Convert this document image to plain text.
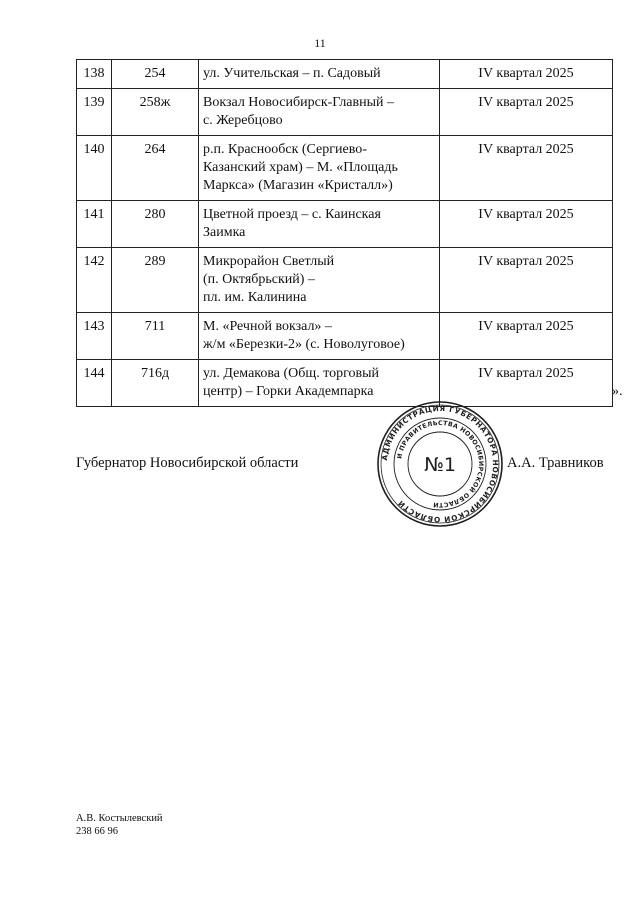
11
138	254	ул. Учительская – п. Садовый	IV квартал 2025
139	258ж	Вокзал Новосибирск-Главный –
с. Жеребцово	IV квартал 2025
140	264	р.п. Краснообск (Сергиево-
Казанский храм) – М. «Площадь
Маркса» (Магазин «Кристалл»)	IV квартал 2025
141	280	Цветной проезд – с. Каинская
Заимка	IV квартал 2025
142	289	Микрорайон Светлый
(п. Октябрьский) –
пл. им. Калинина	IV квартал 2025
143	711	М. «Речной вокзал» –
ж/м «Березки-2» (с. Новолуговое)	IV квартал 2025
144	716д	ул. Демакова (Общ. торговый
центр) – Горки Академпарка	IV квартал 2025
».
Губернатор Новосибирской области	АДМИНИСТРАЦИЯ ГУБЕРНАТОРА НОВОСИБИРСКОЙ ОБЛАСТИ
И ПРАВИТЕЛЬСТВА НОВОСИБИРСКОЙ ОБЛАСТИ
№1	А.А. Травников
А.В. Костылевский
238 66 96
